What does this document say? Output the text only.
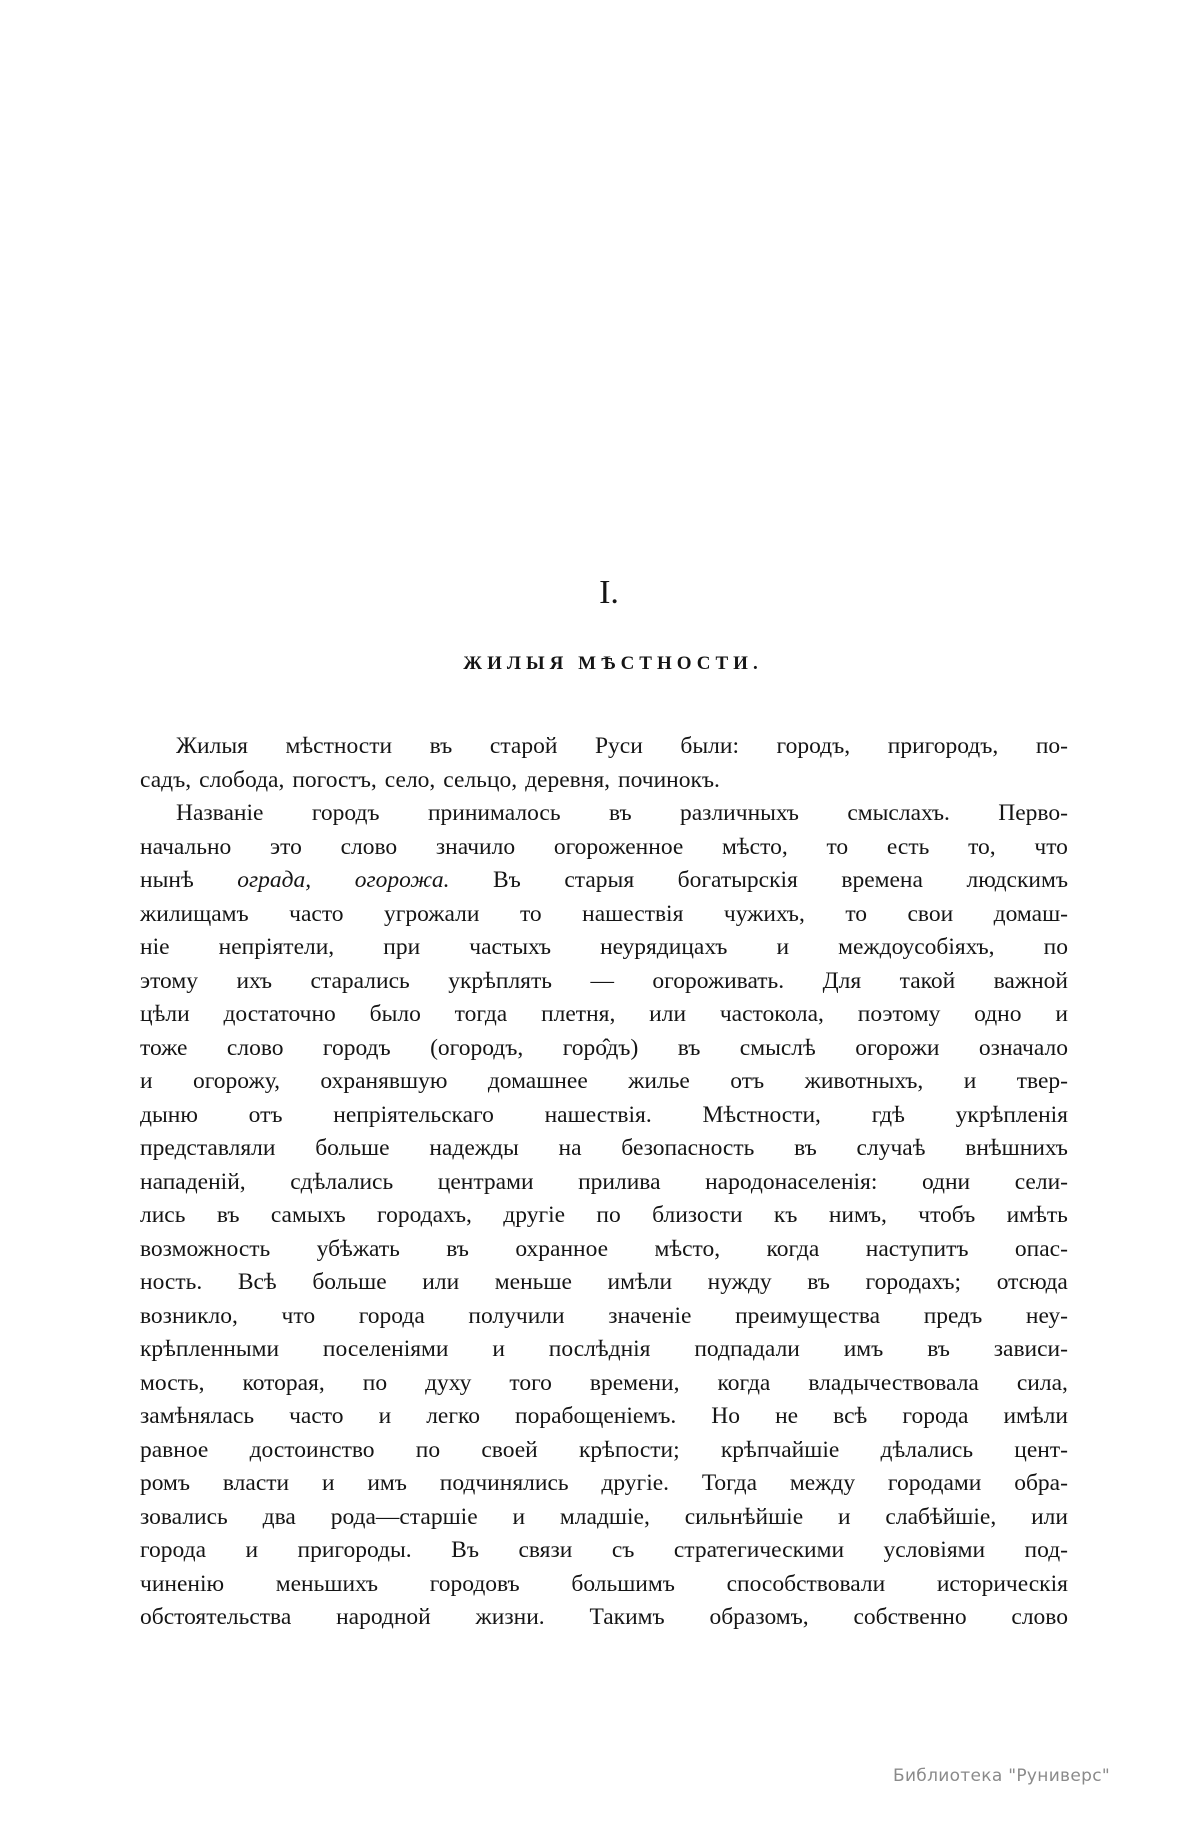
I.
ЖИЛЫЯ МѢСТНОСТИ.
Жилыя мѣстности въ старой Руси были: городъ, пригородъ, по-
садъ, слобода, погостъ, село, сельцо, деревня, починокъ.
Названіе городъ принималось въ различныхъ смыслахъ. Перво-
начально это слово значило огороженное мѣсто, то есть то, что
нынѣ ограда, огорожа. Въ старыя богатырскія времена людскимъ
жилищамъ часто угрожали то нашествія чужихъ, то свои домаш-
ніе непріятели, при частыхъ неурядицахъ и междоусобіяхъ, по
этому ихъ старались укрѣплять — огороживать. Для такой важной
цѣли достаточно было тогда плетня, или частокола, поэтому одно и
тоже слово городъ (огородъ, горо̂дъ) въ смыслѣ огорожи означало
и огорожу, охранявшую домашнее жилье отъ животныхъ, и твер-
дыню отъ непріятельскаго нашествія. Мѣстности, гдѣ укрѣпленія
представляли больше надежды на безопасность въ случаѣ внѣшнихъ
нападеній, сдѣлались центрами прилива народонаселенія: одни сели-
лись въ самыхъ городахъ, другіе по близости къ нимъ, чтобъ имѣть
возможность убѣжать въ охранное мѣсто, когда наступитъ опас-
ность. Всѣ больше или меньше имѣли нужду въ городахъ; отсюда
возникло, что города получили значеніе преимущества предъ неу-
крѣпленными поселеніями и послѣднія подпадали имъ въ зависи-
мость, которая, по духу того времени, когда владычествовала сила,
замѣнялась часто и легко порабощеніемъ. Но не всѣ города имѣли
равное достоинство по своей крѣпости; крѣпчайшіе дѣлались цент-
ромъ власти и имъ подчинялись другіе. Тогда между городами обра-
зовались два рода—старшіе и младшіе, сильнѣйшіе и слабѣйшіе, или
города и пригороды. Въ связи съ стратегическими условіями под-
чиненію меньшихъ городовъ большимъ способствовали историческія
обстоятельства народной жизни. Такимъ образомъ, собственно слово
Библиотека "Руниверс"
